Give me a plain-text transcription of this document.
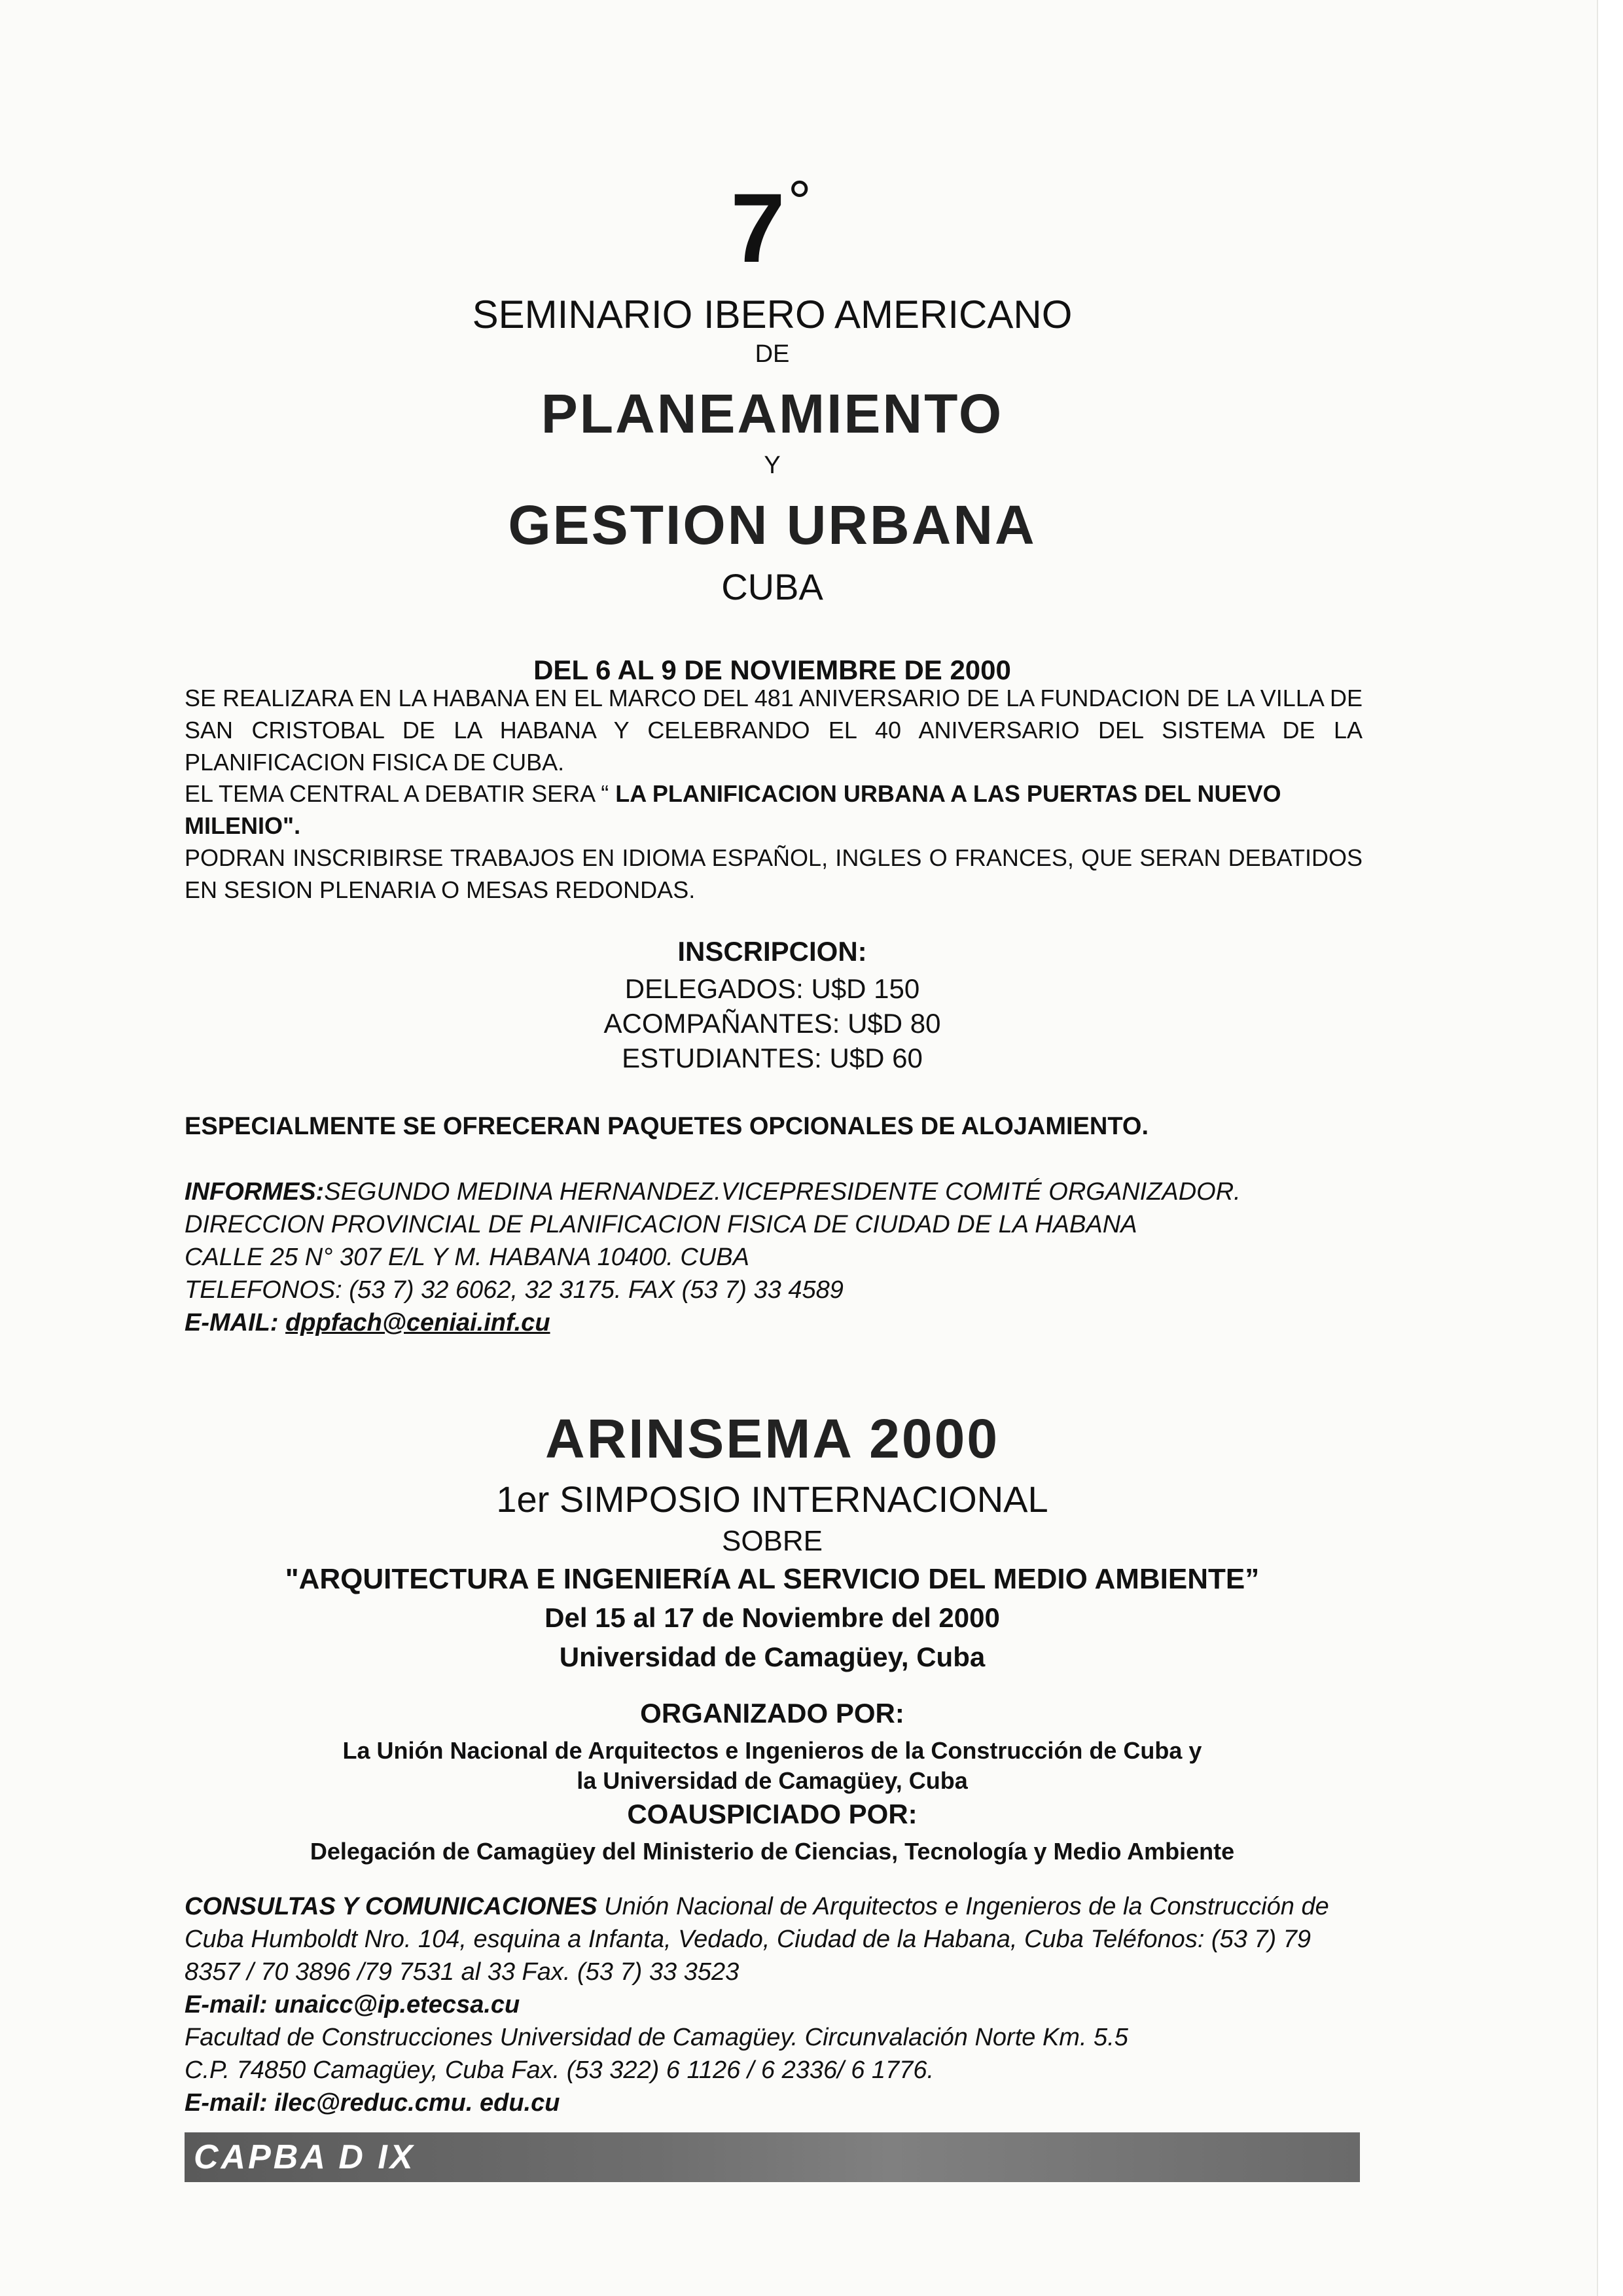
7°
SEMINARIO IBERO AMERICANO
DE
PLANEAMIENTO
Y
GESTION URBANA
CUBA
DEL 6 AL 9 DE NOVIEMBRE DE 2000
SE REALIZARA EN LA HABANA EN EL MARCO DEL 481 ANIVERSARIO DE LA FUNDACION DE LA VILLA DE SAN CRISTOBAL DE LA HABANA Y CELEBRANDO EL 40 ANIVERSARIO DEL SISTEMA DE LA PLANIFICACION FISICA DE CUBA.
EL TEMA CENTRAL A DEBATIR SERA “ LA PLANIFICACION URBANA A LAS PUERTAS DEL NUEVO MILENIO".
PODRAN INSCRIBIRSE TRABAJOS EN IDIOMA ESPAÑOL, INGLES O FRANCES, QUE SERAN DEBATIDOS EN SESION PLENARIA O MESAS REDONDAS.
INSCRIPCION:
DELEGADOS: U$D 150
ACOMPAÑANTES: U$D 80
ESTUDIANTES: U$D 60
ESPECIALMENTE SE OFRECERAN PAQUETES OPCIONALES DE ALOJAMIENTO.
INFORMES:SEGUNDO MEDINA HERNANDEZ.VICEPRESIDENTE COMITÉ ORGANIZADOR.
DIRECCION PROVINCIAL DE PLANIFICACION FISICA DE CIUDAD DE LA HABANA
CALLE 25 N° 307 E/L Y M. HABANA 10400. CUBA
TELEFONOS: (53 7) 32 6062, 32 3175. FAX (53 7) 33 4589
E-MAIL: dppfach@ceniai.inf.cu
ARINSEMA 2000
1er SIMPOSIO INTERNACIONAL
SOBRE
"ARQUITECTURA E INGENIERíA AL SERVICIO DEL MEDIO AMBIENTE”
Del 15 al 17 de Noviembre del 2000
Universidad de Camagüey, Cuba
ORGANIZADO POR:
La Unión Nacional de Arquitectos e Ingenieros de la Construcción de Cuba y
la Universidad de Camagüey, Cuba
COAUSPICIADO POR:
Delegación de Camagüey del Ministerio de Ciencias, Tecnología y Medio Ambiente
CONSULTAS Y COMUNICACIONES Unión Nacional de Arquitectos e Ingenieros de la Construcción de Cuba Humboldt Nro. 104, esquina a Infanta, Vedado, Ciudad de la Habana, Cuba Teléfonos: (53 7) 79 8357 / 70 3896 /79 7531 al 33 Fax. (53 7) 33 3523
E-mail: unaicc@ip.etecsa.cu
Facultad de Construcciones Universidad de Camagüey. Circunvalación Norte Km. 5.5
C.P. 74850 Camagüey, Cuba Fax. (53 322) 6 1126 / 6 2336/ 6 1776.
E-mail: ilec@reduc.cmu. edu.cu
CAPBA D IX
